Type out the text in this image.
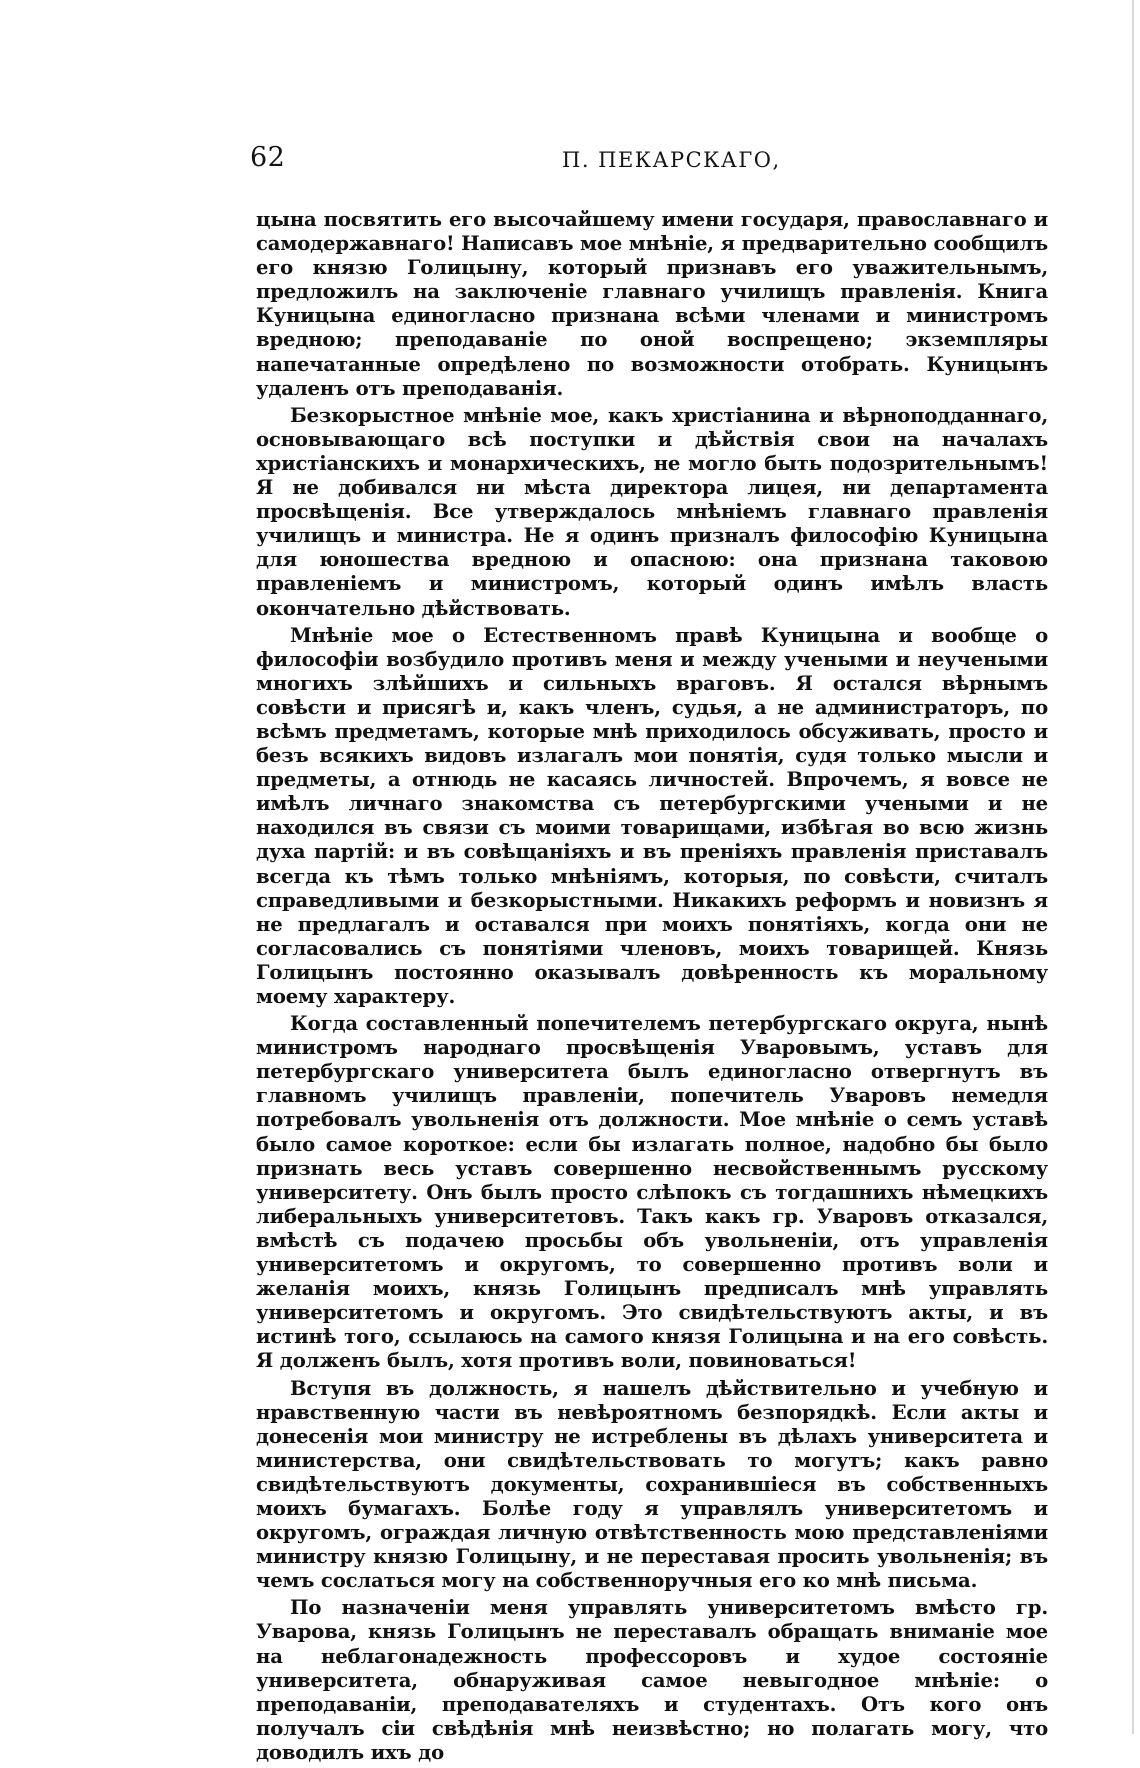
62	П. ПЕКАРСКАГО,

цына посвятить его высочайшему имени государя, православнаго и самодержавнаго! Написавъ мое мнѣніе, я предварительно сообщилъ его князю Голицыну, который признавъ его уважительнымъ, предложилъ на заключеніе главнаго училищъ правленія. Книга Куницына единогласно признана всѣми членами и министромъ вредною; преподаваніе по оной воспрещено; экземпляры напечатанные опредѣлено по возможности отобрать. Куницынъ удаленъ отъ преподаванія.

Безкорыстное мнѣніе мое, какъ христіанина и вѣрноподданнаго, основывающаго всѣ поступки и дѣйствія свои на началахъ христіанскихъ и монархическихъ, не могло быть подозрительнымъ! Я не добивался ни мѣста директора лицея, ни департамента просвѣщенія. Все утверждалось мнѣніемъ главнаго правленія училищъ и министра. Не я одинъ призналъ философію Куницына для юношества вредною и опасною: она признана таковою правленіемъ и министромъ, который одинъ имѣлъ власть окончательно дѣйствовать.

Мнѣніе мое о Естественномъ правѣ Куницына и вообще о философіи возбудило противъ меня и между учеными и неучеными многихъ злѣйшихъ и сильныхъ враговъ. Я остался вѣрнымъ совѣсти и присягѣ и, какъ членъ, судья, а не администраторъ, по всѣмъ предметамъ, которые мнѣ приходилось обсуживать, просто и безъ всякихъ видовъ излагалъ мои понятія, судя только мысли и предметы, а отнюдь не касаясь личностей. Впрочемъ, я вовсе не имѣлъ личнаго знакомства съ петербургскими учеными и не находился въ связи съ моими товарищами, избѣгая во всю жизнь духа партій: и въ совѣщаніяхъ и въ преніяхъ правленія приставалъ всегда къ тѣмъ только мнѣніямъ, которыя, по совѣсти, считалъ справедливыми и безкорыстными. Никакихъ реформъ и новизнъ я не предлагалъ и оставался при моихъ понятіяхъ, когда они не согласовались съ понятіями членовъ, моихъ товарищей. Князь Голицынъ постоянно оказывалъ довѣренность къ моральному моему характеру.

Когда составленный попечителемъ петербургскаго округа, нынѣ министромъ народнаго просвѣщенія Уваровымъ, уставъ для петербургскаго университета былъ единогласно отвергнутъ въ главномъ училищъ правленіи, попечитель Уваровъ немедля потребовалъ увольненія отъ должности. Мое мнѣніе о семъ уставѣ было самое короткое: если бы излагать полное, надобно бы было признать весь уставъ совершенно несвойственнымъ русскому университету. Онъ былъ просто слѣпокъ съ тогдашнихъ нѣмецкихъ либеральныхъ университетовъ. Такъ какъ гр. Уваровъ отказался, вмѣстѣ съ подачею просьбы объ увольненіи, отъ управленія университетомъ и округомъ, то совершенно противъ воли и желанія моихъ, князь Голицынъ предписалъ мнѣ управлять университетомъ и округомъ. Это свидѣтельствуютъ акты, и въ истинѣ того, ссылаюсь на самого князя Голицына и на его совѣсть. Я долженъ былъ, хотя противъ воли, повиноваться!

Вступя въ должность, я нашелъ дѣйствительно и учебную и нравственную части въ невѣроятномъ безпорядкѣ. Если акты и донесенія мои министру не истреблены въ дѣлахъ университета и министерства, они свидѣтельствовать то могутъ; какъ равно свидѣтельствуютъ документы, сохранившіеся въ собственныхъ моихъ бумагахъ. Болѣе году я управлялъ университетомъ и округомъ, ограждая личную отвѣтственность мою представленіями министру князю Голицыну, и не переставая просить увольненія; въ чемъ сослаться могу на собственноручныя его ко мнѣ письма.

По назначеніи меня управлять университетомъ вмѣсто гр. Уварова, князь Голицынъ не переставалъ обращать вниманіе мое на неблагонадежность профессоровъ и худое состояніе университета, обнаруживая самое невыгодное мнѣніе: о преподаваніи, преподавателяхъ и студентахъ. Отъ кого онъ получалъ сіи свѣдѣнія мнѣ неизвѣстно; но полагать могу, что доводилъ ихъ до
